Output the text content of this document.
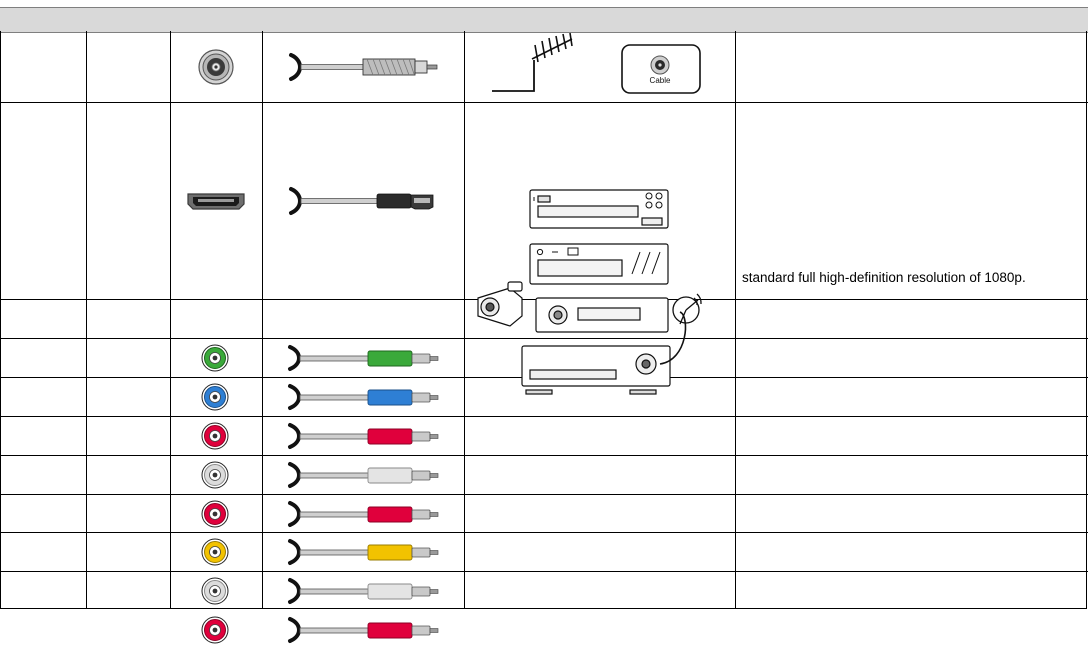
Cable
standard full high-definition resolution of 1080p.
